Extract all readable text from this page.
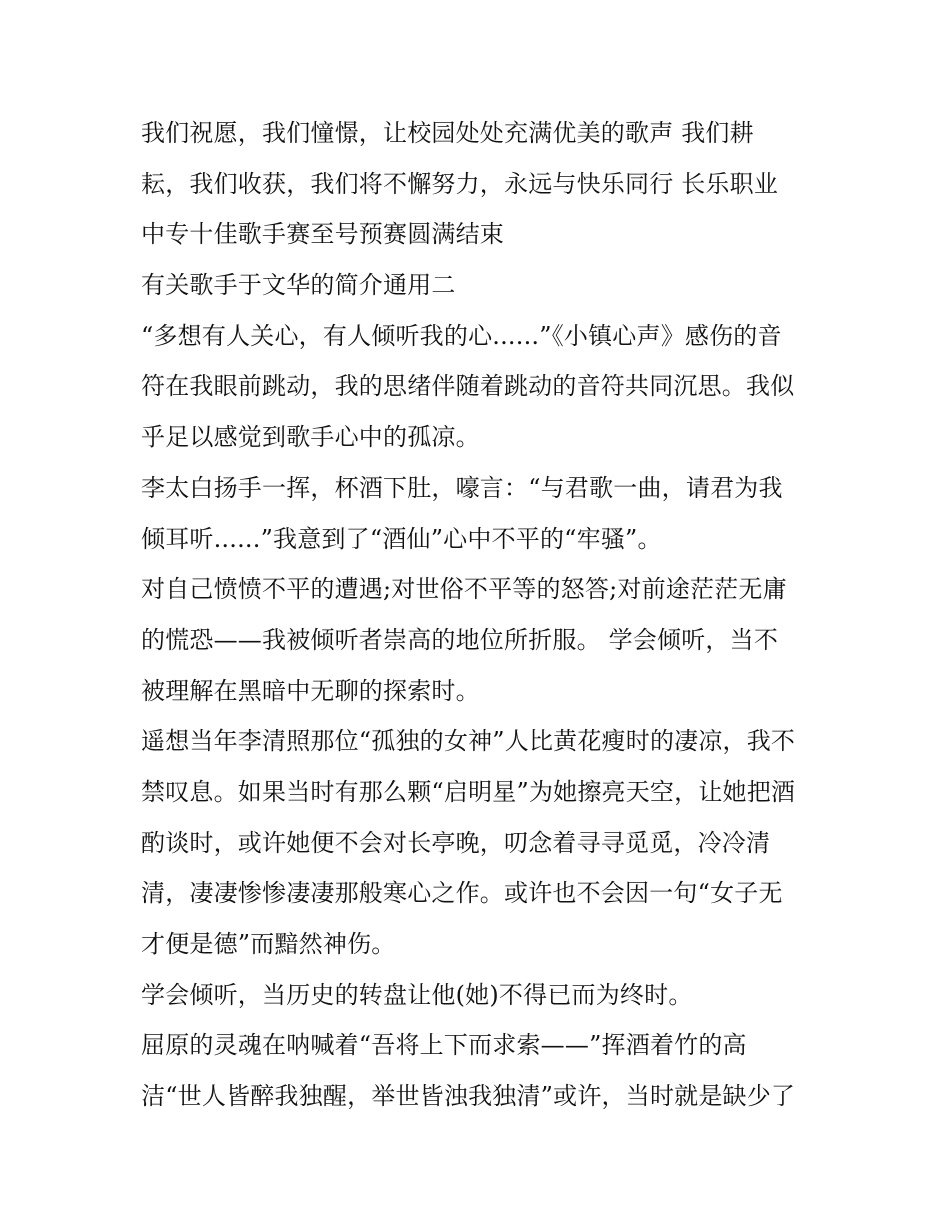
我们祝愿，我们憧憬，让校园处处充满优美的歌声 我们耕
耘，我们收获，我们将不懈努力，永远与快乐同行 长乐职业
中专十佳歌手赛至号预赛圆满结束
有关歌手于文华的简介通用二
“多想有人关心，有人倾听我的心......”《小镇心声》感伤的音
符在我眼前跳动，我的思绪伴随着跳动的音符共同沉思。我似
乎足以感觉到歌手心中的孤凉。
李太白扬手一挥，杯酒下肚，嚎言：“与君歌一曲，请君为我
倾耳听......”我意到了“酒仙”心中不平的“牢骚”。
对自己愤愤不平的遭遇;对世俗不平等的怒答;对前途茫茫无庸
的慌恐——我被倾听者崇高的地位所折服。 学会倾听，当不
被理解在黑暗中无聊的探索时。
遥想当年李清照那位“孤独的女神”人比黄花瘦时的凄凉，我不
禁叹息。如果当时有那么颗“启明星”为她擦亮天空，让她把酒
酌谈时，或许她便不会对长亭晚，叨念着寻寻觅觅，冷冷清
清，凄凄惨惨凄凄那般寒心之作。或许也不会因一句“女子无
才便是德”而黯然神伤。
学会倾听，当历史的转盘让他(她)不得已而为终时。
屈原的灵魂在呐喊着“吾将上下而求索——”挥酒着竹的高
洁“世人皆醉我独醒，举世皆浊我独清”或许，当时就是缺少了
